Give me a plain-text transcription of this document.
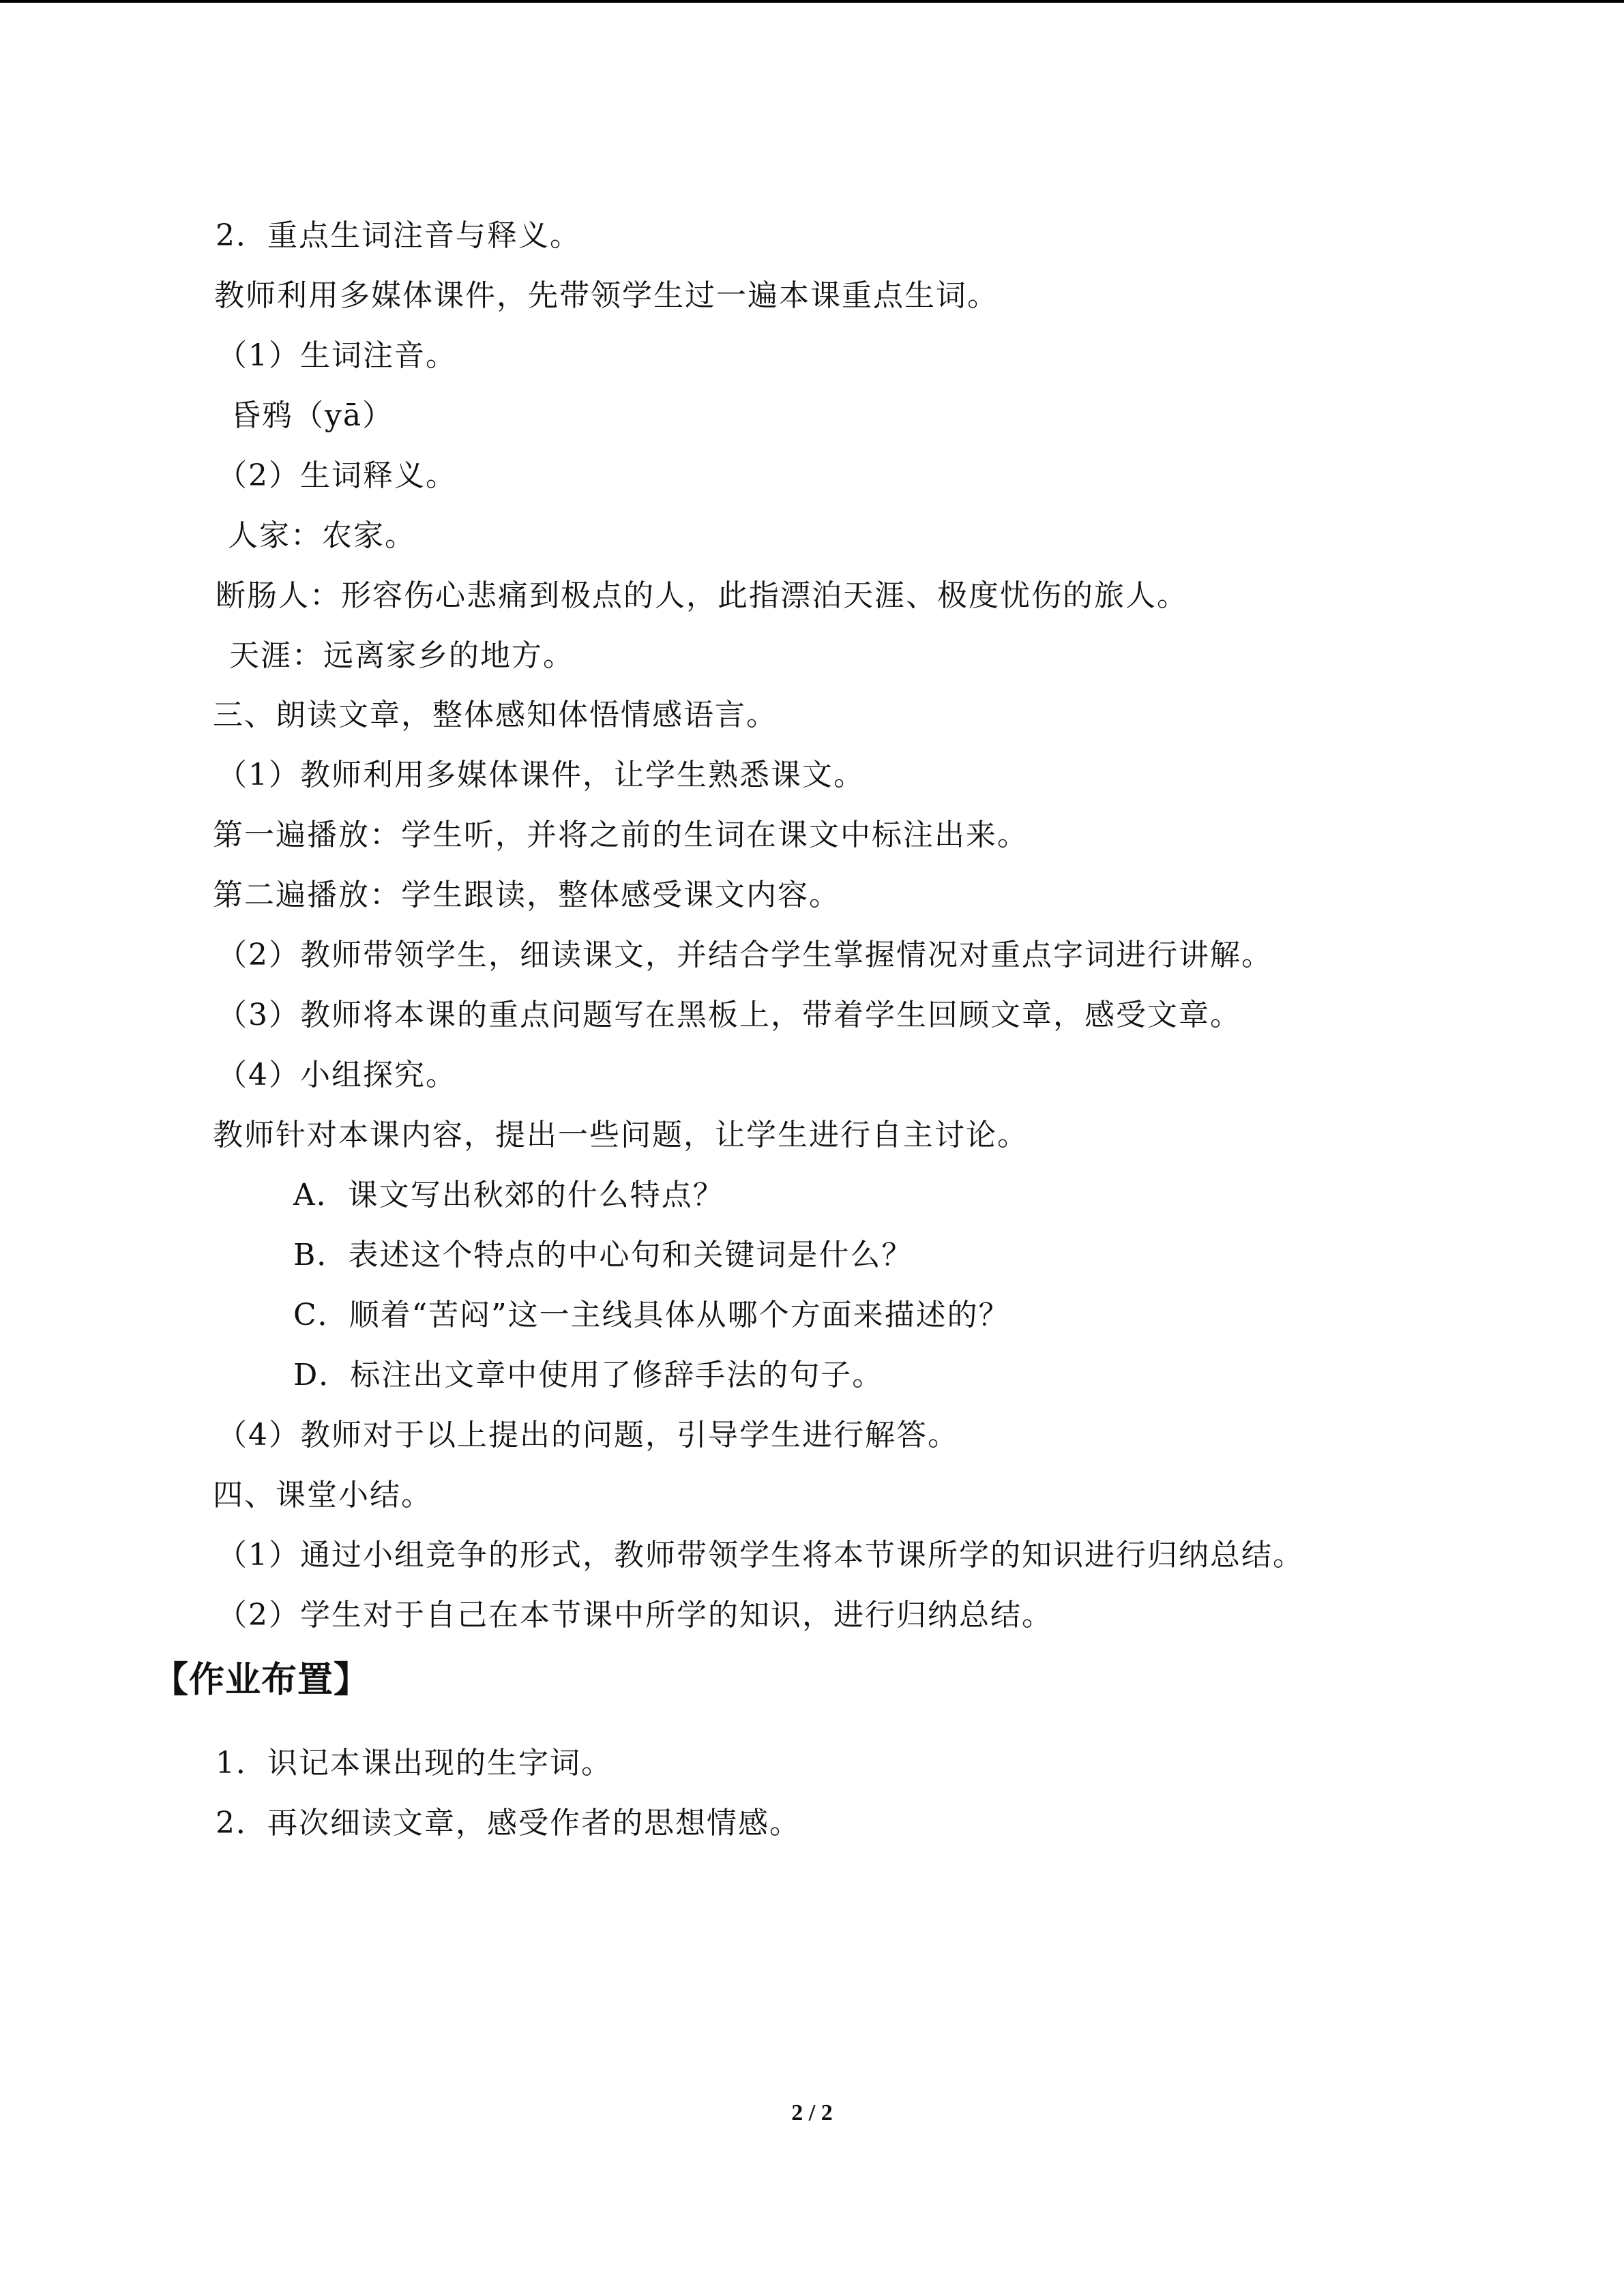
2．重点生词注音与释义。
教师利用多媒体课件，先带领学生过一遍本课重点生词。
（1）生词注音。
昏鸦（yā）
（2）生词释义。
人家：农家。
断肠人：形容伤心悲痛到极点的人，此指漂泊天涯、极度忧伤的旅人。
天涯：远离家乡的地方。
三、朗读文章，整体感知体悟情感语言。
（1）教师利用多媒体课件，让学生熟悉课文。
第一遍播放：学生听，并将之前的生词在课文中标注出来。
第二遍播放：学生跟读，整体感受课文内容。
（2）教师带领学生，细读课文，并结合学生掌握情况对重点字词进行讲解。
（3）教师将本课的重点问题写在黑板上，带着学生回顾文章，感受文章。
（4）小组探究。
教师针对本课内容，提出一些问题，让学生进行自主讨论。
A．课文写出秋郊的什么特点？
B．表述这个特点的中心句和关键词是什么？
C．顺着“苦闷”这一主线具体从哪个方面来描述的？
D．标注出文章中使用了修辞手法的句子。
（4）教师对于以上提出的问题，引导学生进行解答。
四、课堂小结。
（1）通过小组竞争的形式，教师带领学生将本节课所学的知识进行归纳总结。
（2）学生对于自己在本节课中所学的知识，进行归纳总结。
【作业布置】
1．识记本课出现的生字词。
2．再次细读文章，感受作者的思想情感。
2 / 2
